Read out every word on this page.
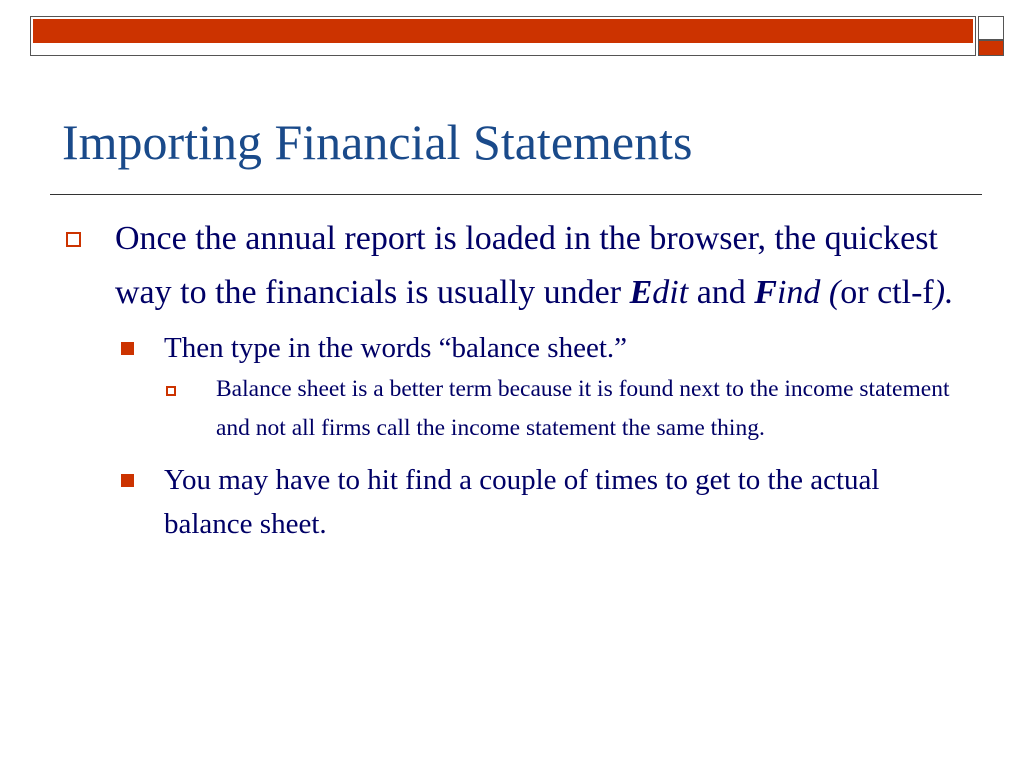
Importing Financial Statements
Once the annual report is loaded in the browser, the quickest way to the financials is usually under Edit and Find (or ctl-f).
Then type in the words “balance sheet.”
Balance sheet is a better term because it is found next to the income statement and not all firms call the income statement the same thing.
You may have to hit find a couple of times to get to the actual balance sheet.
